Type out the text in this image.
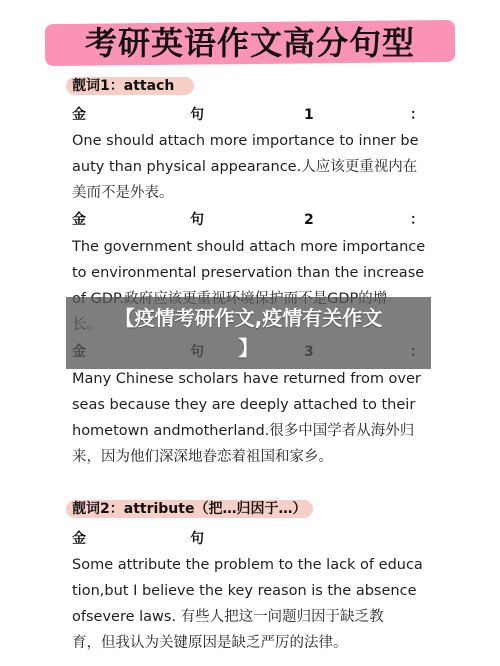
考研英语作文高分句型
靓词1：attach
金	句	1	：
One should attach more importance to inner be
auty than physical appearance.人应该更重视内在
美而不是外表。
金	句	2	：
The government should attach more importance
to environmental preservation than the increase
Many Chinese scholars have returned from over
seas because they are deeply attached to their
hometown andmotherland.很多中国学者从海外归
来，因为他们深深地眷恋着祖国和家乡。
靓词2：attribute（把…归因于…）
金	句
Some attribute the problem to the lack of educa
tion,but I believe the key reason is the absence
ofsevere laws. 有些人把这一问题归因于缺乏教
育，但我认为关键原因是缺乏严厉的法律。
【疫情考研作文,疫情有关作文
】
